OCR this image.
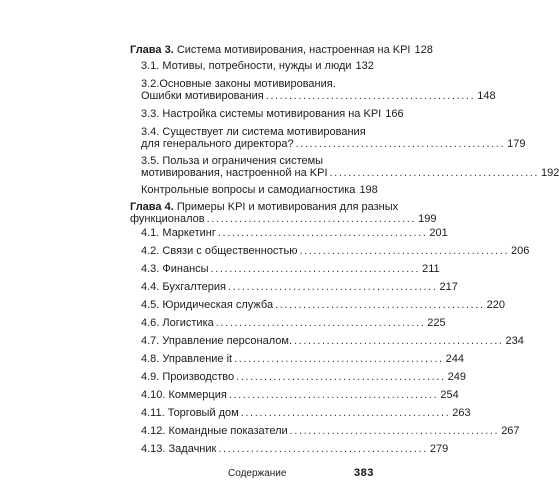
Глава 3. Система мотивирования, настроенная на KPI 128
3.1. Мотивы, потребности, нужды и люди 132
3.2.Основные законы мотивирования.
Ошибки мотивирования ............................................. 148
3.3. Настройка системы мотивирования на KPI 166
3.4. Существует ли система мотивирования
для генерального директора? ............................................. 179
3.5. Польза и ограничения системы
мотивирования, настроенной на KPI ............................................. 192
Контрольные вопросы и самодиагностика 198
Глава 4. Примеры KPI и мотивирования для разных
функционалов ............................................. 199
4.1. Маркетинг ............................................. 201
4.2. Связи с общественностью ............................................. 206
4.3. Финансы ............................................. 211
4.4. Бухгалтерия ............................................. 217
4.5. Юридическая служба ............................................. 220
4.6. Логистика ............................................. 225
4.7. Управление персоналом. ............................................. 234
4.8. Управление it ............................................. 244
4.9. Производство ............................................. 249
4.10. Коммерция ............................................. 254
4.11. Торговый дом ............................................. 263
4.12. Командные показатели ............................................. 267
4.13. Задачник ............................................. 279
Содержание	383
